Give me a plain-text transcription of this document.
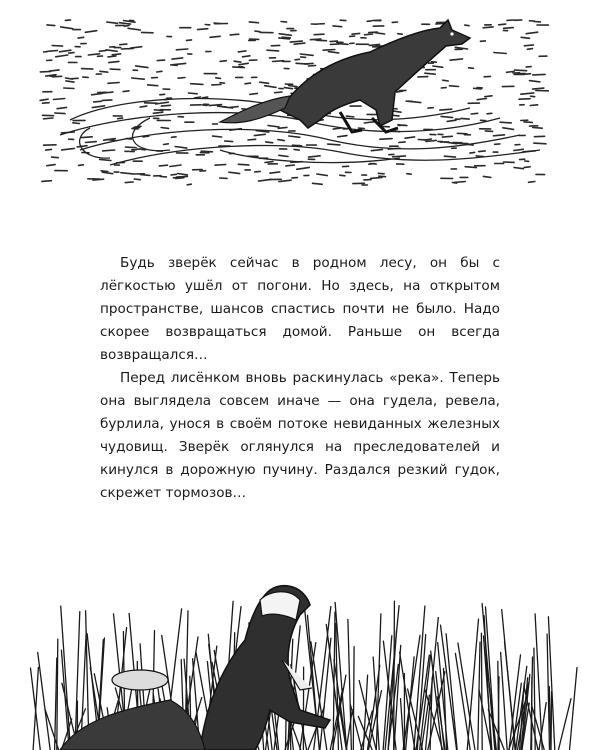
Будь зверёк сейчас в родном лесу, он бы с лёгкостью ушёл от погони. Но здесь, на открытом пространстве, шансов спастись почти не было. Надо скорее возвращаться домой. Раньше он всегда возвращался…

Перед лисёнком вновь раскинулась «река». Теперь она выглядела совсем иначе — она гудела, ревела, бурлила, унося в своём потоке невиданных железных чудовищ. Зверёк оглянулся на преследователей и кинулся в дорожную пучину. Раздался резкий гудок, скрежет тормозов…
